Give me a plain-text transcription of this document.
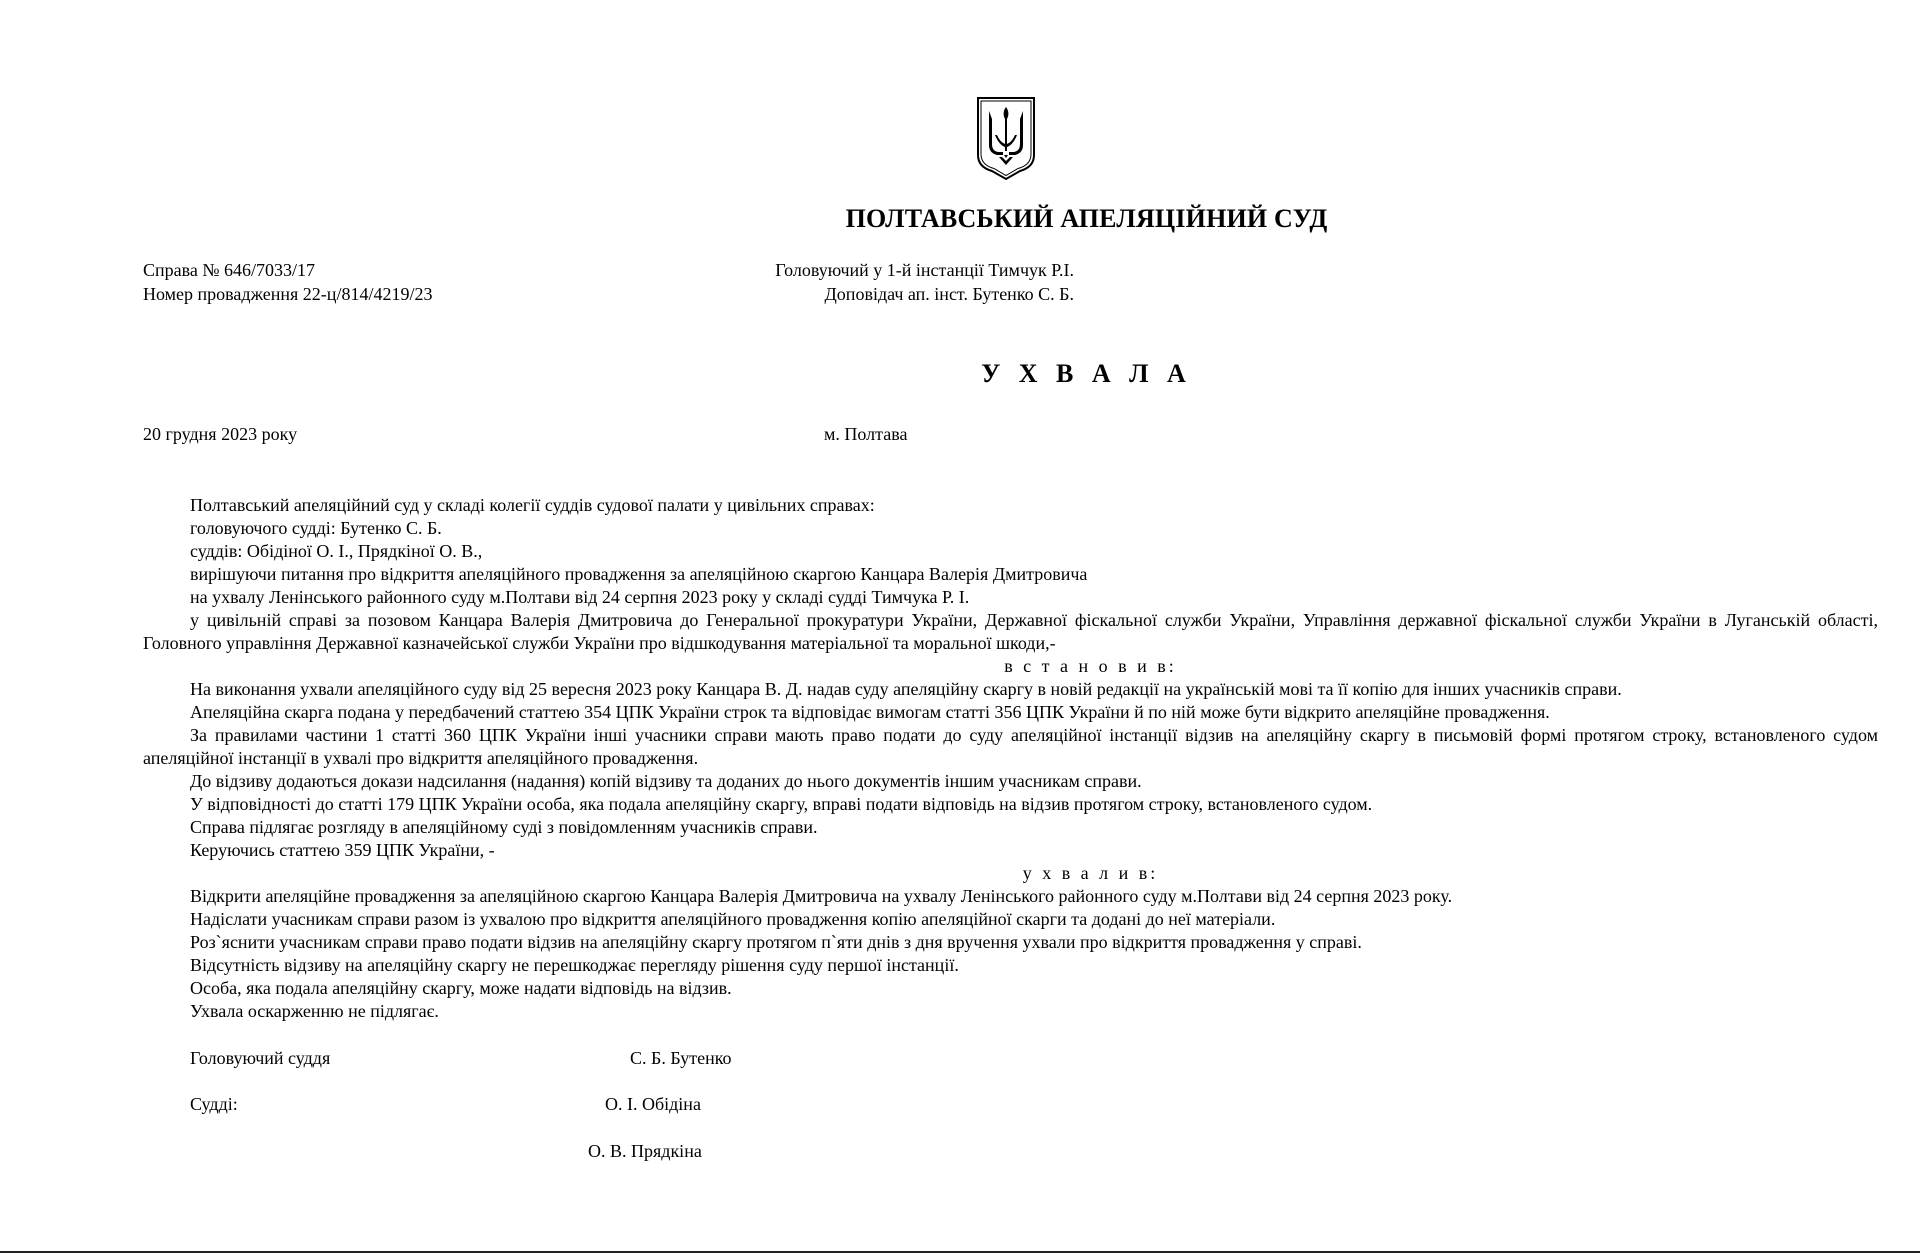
ПОЛТАВСЬКИЙ АПЕЛЯЦІЙНИЙ СУД
Справа № 646/7033/17
Номер провадження 22-ц/814/4219/23
Головуючий у 1-й інстанції Тимчук Р.І.
Доповідач ап. інст. Бутенко С. Б.
У Х В А Л А
20 грудня 2023 року	м. Полтава

Полтавський апеляційний суд у складі колегії суддів судової палати у цивільних справах:

головуючого судді: Бутенко С. Б.

суддів: Обідіної О. І., Прядкіної О. В.,

вирішуючи питання про відкриття апеляційного провадження за апеляційною скаргою Канцара Валерія Дмитровича

на ухвалу Ленінського районного суду м.Полтави від 24 серпня 2023 року у складі судді Тимчука Р. І.

у цивільній справі за позовом Канцара Валерія Дмитровича до Генеральної прокуратури України, Державної фіскальної служби України, Управління державної фіскальної служби України в Луганській області, Головного управління Державної казначейської служби України про відшкодування матеріальної та моральної шкоди,-

в с т а н о в и в:

На виконання ухвали апеляційного суду від 25 вересня 2023 року Канцара В. Д. надав суду апеляційну скаргу в новій редакції на українській мові та її копію для інших учасників справи.

Апеляційна скарга подана у передбачений статтею 354 ЦПК України строк та відповідає вимогам статті 356 ЦПК України й по ній може бути відкрито апеляційне провадження.

За правилами частини 1 статті 360 ЦПК України інші учасники справи мають право подати до суду апеляційної інстанції відзив на апеляційну скаргу в письмовій формі протягом строку, встановленого судом апеляційної інстанції в ухвалі про відкриття апеляційного провадження.

До відзиву додаються докази надсилання (надання) копій відзиву та доданих до нього документів іншим учасникам справи.

У відповідності до статті 179 ЦПК України особа, яка подала апеляційну скаргу, вправі подати відповідь на відзив протягом строку, встановленого судом.

Справа підлягає розгляду в апеляційному суді з повідомленням учасників справи.

Керуючись статтею 359 ЦПК України, -

у х в а л и в:

Відкрити апеляційне провадження за апеляційною скаргою Канцара Валерія Дмитровича на ухвалу Ленінського районного суду м.Полтави від 24 серпня 2023 року.

Надіслати учасникам справи разом із ухвалою про відкриття апеляційного провадження копію апеляційної скарги та додані до неї матеріали.

Роз`яснити учасникам справи право подати відзив на апеляційну скаргу протягом п`яти днів з дня вручення ухвали про відкриття провадження у справі.

Відсутність відзиву на апеляційну скаргу не перешкоджає перегляду рішення суду першої інстанції.

Особа, яка подала апеляційну скаргу, може надати відповідь на відзив.

Ухвала оскарженню не підлягає.

Головуючий суддя	С. Б. Бутенко
Судді:	О. І. Обідіна
О. В. Прядкіна
